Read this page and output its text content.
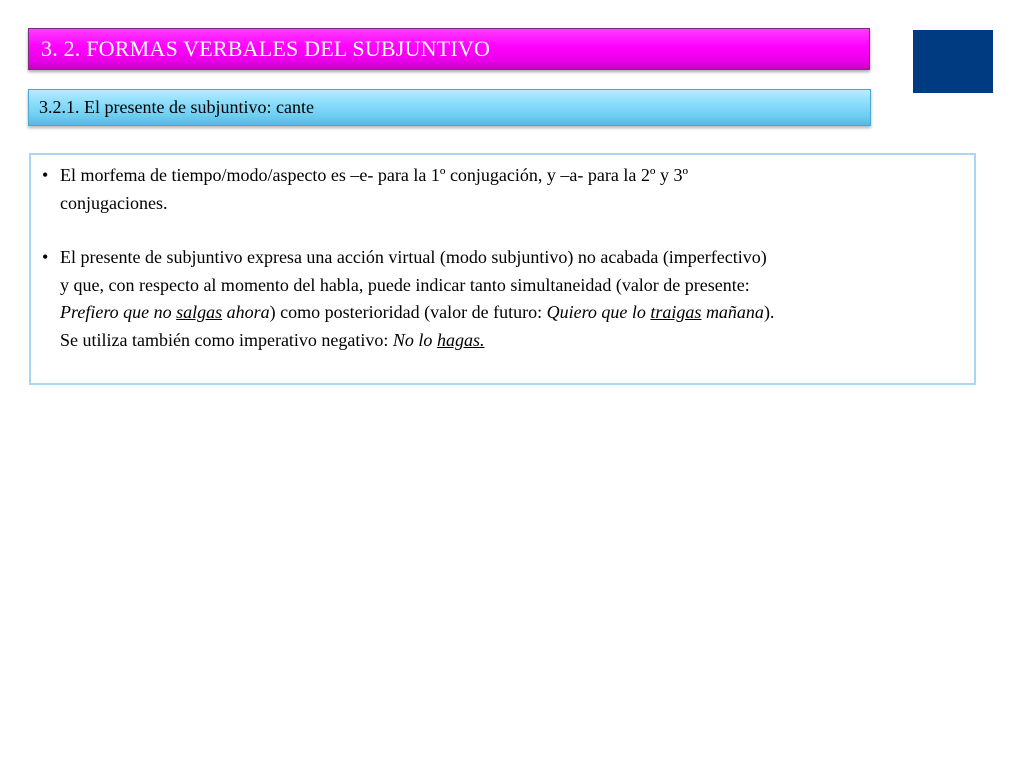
3. 2. FORMAS VERBALES DEL SUBJUNTIVO
3.2.1. El presente de subjuntivo: cante
• El morfema de tiempo/modo/aspecto es –e- para la 1º conjugación, y –a- para la 2º y 3º
conjugaciones.
• El presente de subjuntivo expresa una acción virtual (modo subjuntivo) no acabada (imperfectivo)
y que, con respecto al momento del habla, puede indicar tanto simultaneidad (valor de presente:
Prefiero que no salgas ahora) como posterioridad (valor de futuro: Quiero que lo traigas mañana).
Se utiliza también como imperativo negativo: No lo hagas.
